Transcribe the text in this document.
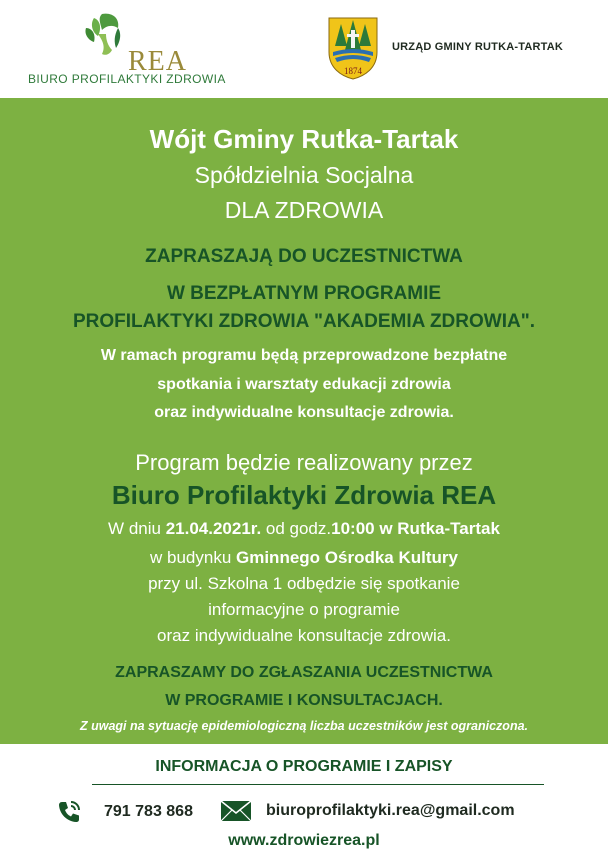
REA
BIURO PROFILAKTYKI ZDROWIA
1874
URZĄD GMINY RUTKA-TARTAK
Wójt Gminy Rutka-Tartak
Spółdzielnia Socjalna
DLA ZDROWIA
ZAPRASZAJĄ DO UCZESTNICTWA
W BEZPŁATNYM PROGRAMIE
PROFILAKTYKI ZDROWIA "AKADEMIA ZDROWIA".
W ramach programu będą przeprowadzone bezpłatne
spotkania i warsztaty edukacji zdrowia
oraz indywidualne konsultacje zdrowia.
Program będzie realizowany przez
Biuro Profilaktyki Zdrowia REA
W dniu 21.04.2021r. od godz.10:00 w Rutka-Tartak
w budynku Gminnego Ośrodka Kultury
przy ul. Szkolna 1 odbędzie się spotkanie
informacyjne o programie
oraz indywidualne konsultacje zdrowia.
ZAPRASZAMY DO ZGŁASZANIA UCZESTNICTWA
W PROGRAMIE I KONSULTACJACH.
Z uwagi na sytuację epidemiologiczną liczba uczestników jest ograniczona.
INFORMACJA O PROGRAMIE I ZAPISY
791 783 868	biuroprofilaktyki.rea@gmail.com
www.zdrowiezrea.pl
